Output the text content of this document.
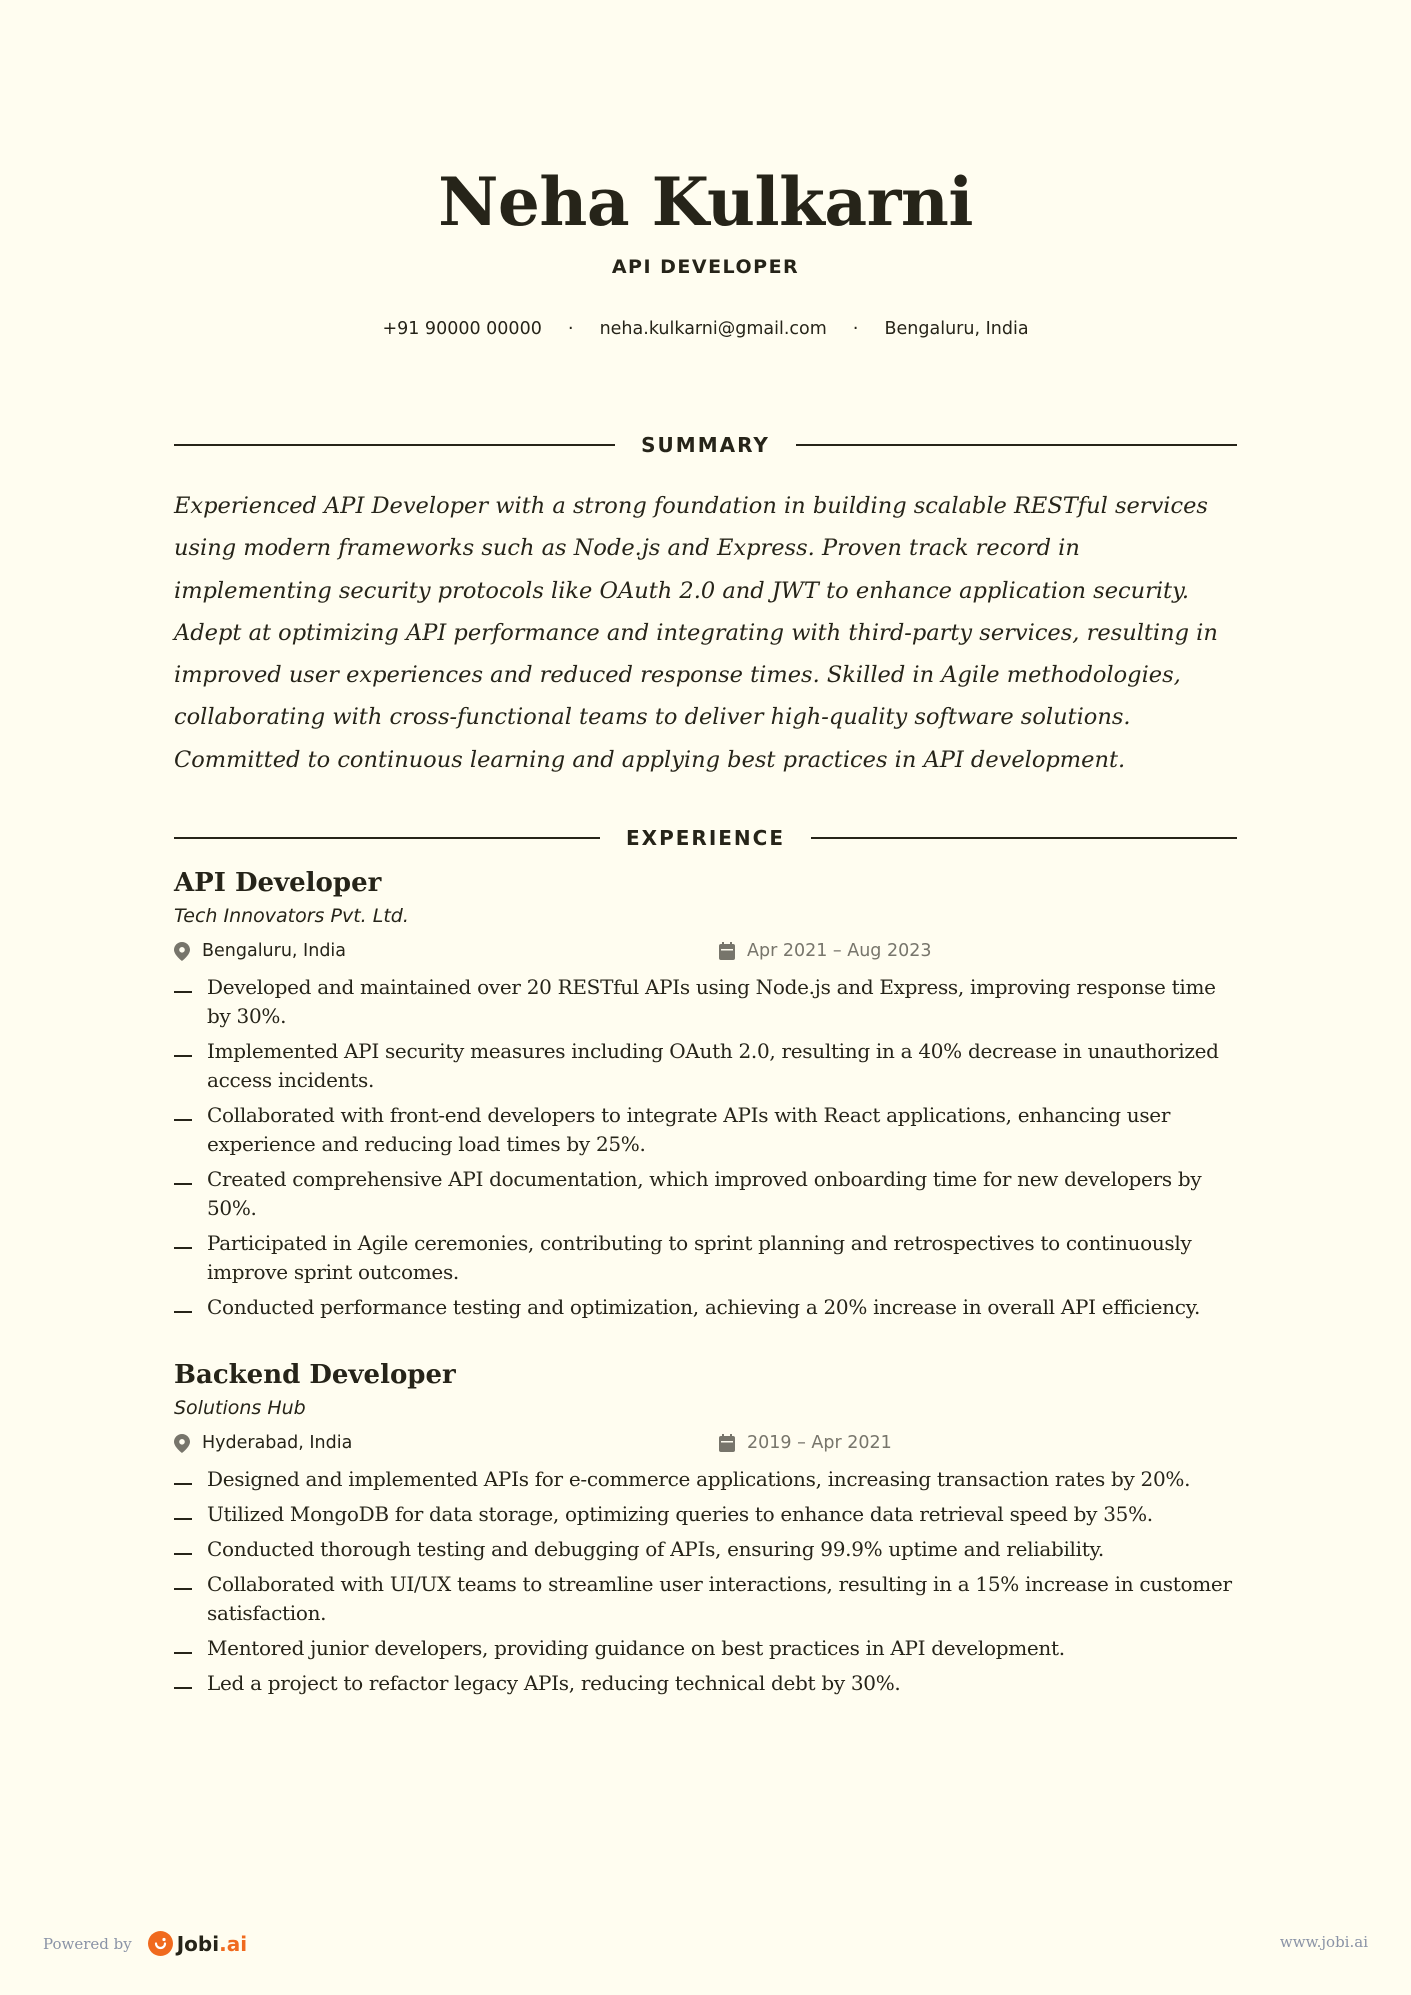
Neha Kulkarni
API DEVELOPER
+91 90000 00000 · neha.kulkarni@gmail.com · Bengaluru, India
SUMMARY
Experienced API Developer with a strong foundation in building scalable RESTful services using modern frameworks such as Node.js and Express. Proven track record in implementing security protocols like OAuth 2.0 and JWT to enhance application security. Adept at optimizing API performance and integrating with third-party services, resulting in improved user experiences and reduced response times. Skilled in Agile methodologies, collaborating with cross-functional teams to deliver high-quality software solutions. Committed to continuous learning and applying best practices in API development.
EXPERIENCE
API Developer
Tech Innovators Pvt. Ltd.
Bengaluru, India	Apr 2021 – Aug 2023
Developed and maintained over 20 RESTful APIs using Node.js and Express, improving response time by 30%.
Implemented API security measures including OAuth 2.0, resulting in a 40% decrease in unauthorized access incidents.
Collaborated with front-end developers to integrate APIs with React applications, enhancing user experience and reducing load times by 25%.
Created comprehensive API documentation, which improved onboarding time for new developers by 50%.
Participated in Agile ceremonies, contributing to sprint planning and retrospectives to continuously improve sprint outcomes.
Conducted performance testing and optimization, achieving a 20% increase in overall API efficiency.
Backend Developer
Solutions Hub
Hyderabad, India	2019 – Apr 2021
Designed and implemented APIs for e-commerce applications, increasing transaction rates by 20%.
Utilized MongoDB for data storage, optimizing queries to enhance data retrieval speed by 35%.
Conducted thorough testing and debugging of APIs, ensuring 99.9% uptime and reliability.
Collaborated with UI/UX teams to streamline user interactions, resulting in a 15% increase in customer satisfaction.
Mentored junior developers, providing guidance on best practices in API development.
Led a project to refactor legacy APIs, reducing technical debt by 30%.
Powered by Jobi.ai	www.jobi.ai
